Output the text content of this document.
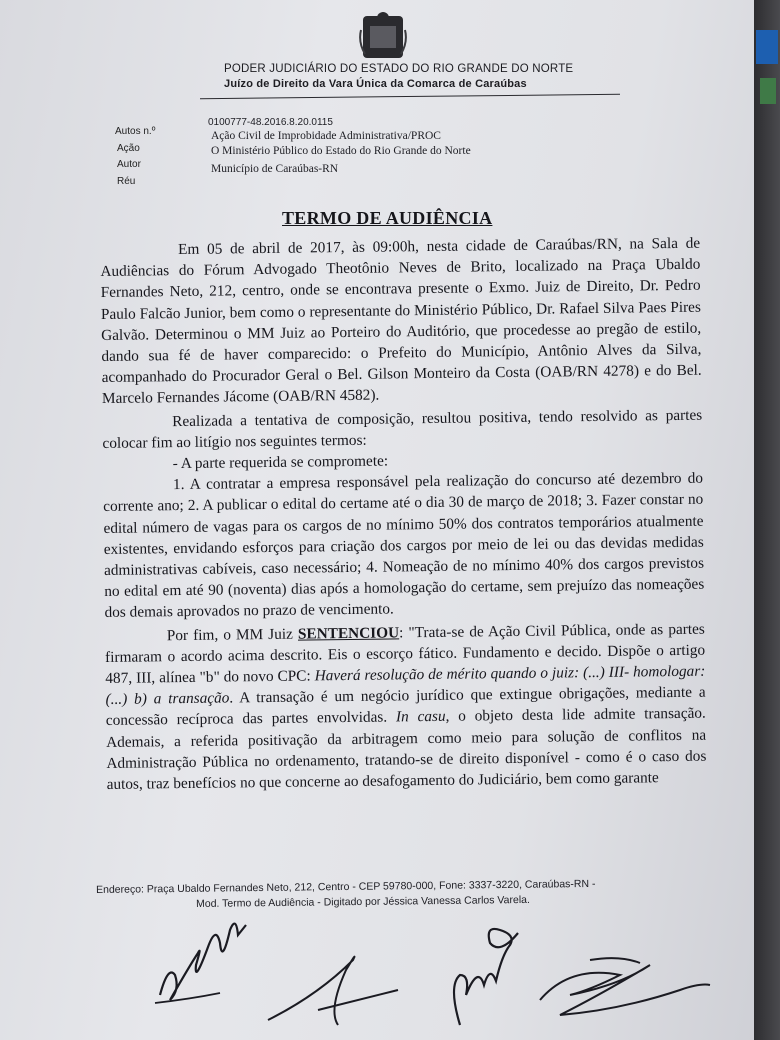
PODER JUDICIÁRIO DO ESTADO DO RIO GRANDE DO NORTE
Juízo de Direito da Vara Única da Comarca de Caraúbas
Autos n.º
0100777-48.2016.8.20.0115
Ação
Ação Civil de Improbidade Administrativa/PROC
Autor
O Ministério Público do Estado do Rio Grande do Norte
Réu
Município de Caraúbas-RN
TERMO DE AUDIÊNCIA

Em 05 de abril de 2017, às 09:00h, nesta cidade de Caraúbas/RN, na Sala de Audiências do Fórum Advogado Theotônio Neves de Brito, localizado na Praça Ubaldo Fernandes Neto, 212, centro, onde se encontrava presente o Exmo. Juiz de Direito, Dr. Pedro Paulo Falcão Junior, bem como o representante do Ministério Público, Dr. Rafael Silva Paes Pires Galvão. Determinou o MM Juiz ao Porteiro do Auditório, que procedesse ao pregão de estilo, dando sua fé de haver comparecido: o Prefeito do Município, Antônio Alves da Silva, acompanhado do Procurador Geral o Bel. Gilson Monteiro da Costa (OAB/RN 4278) e do Bel. Marcelo Fernandes Jácome (OAB/RN 4582).

Realizada a tentativa de composição, resultou positiva, tendo resolvido as partes colocar fim ao litígio nos seguintes termos:

- A parte requerida se compromete:

1. A contratar a empresa responsável pela realização do concurso até dezembro do corrente ano; 2. A publicar o edital do certame até o dia 30 de março de 2018; 3. Fazer constar no edital número de vagas para os cargos de no mínimo 50% dos contratos temporários atualmente existentes, envidando esforços para criação dos cargos por meio de lei ou das devidas medidas administrativas cabíveis, caso necessário; 4. Nomeação de no mínimo 40% dos cargos previstos no edital em até 90 (noventa) dias após a homologação do certame, sem prejuízo das nomeações dos demais aprovados no prazo de vencimento.

Por fim, o MM Juiz SENTENCIOU: "Trata-se de Ação Civil Pública, onde as partes firmaram o acordo acima descrito. Eis o escorço fático. Fundamento e decido. Dispõe o artigo 487, III, alínea "b" do novo CPC: Haverá resolução de mérito quando o juiz: (...) III- homologar: (...) b) a transação. A transação é um negócio jurídico que extingue obrigações, mediante a concessão recíproca das partes envolvidas. In casu, o objeto desta lide admite transação. Ademais, a referida positivação da arbitragem como meio para solução de conflitos na Administração Pública no ordenamento, tratando-se de direito disponível - como é o caso dos autos, traz benefícios no que concerne ao desafogamento do Judiciário, bem como garante

Endereço: Praça Ubaldo Fernandes Neto, 212, Centro - CEP 59780-000, Fone: 3337-3220, Caraúbas-RN -
Mod. Termo de Audiência - Digitado por Jéssica Vanessa Carlos Varela.
